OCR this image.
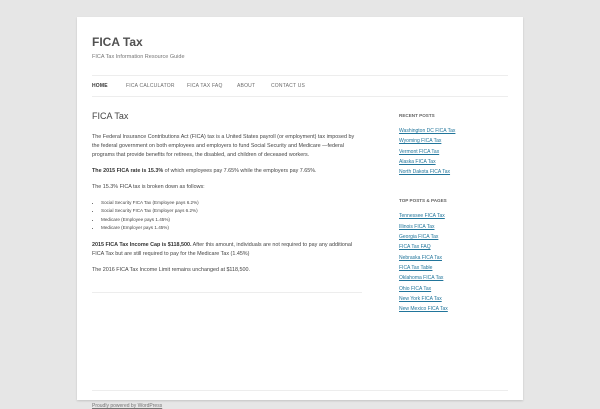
FICA Tax

FICA Tax Information Resource Guide

HOME	FICA CALCULATOR FICA TAX FAQ	ABOUT	CONTACT US
FICA Tax

The Federal Insurance Contributions Act (FICA) tax is a United States payroll (or employment) tax imposed by the federal government on both employees and employers to fund Social Security and Medicare —federal programs that provide benefits for retirees, the disabled, and children of deceased workers.

The 2015 FICA rate is 15.3% of which employees pay 7.65% while the employers pay 7.65%.

The 15.3% FICA tax is broken down as follows:

• Social Security FICA Tax (Employee pays 6.2%)
• Social Security FICA Tax (Employer pays 6.2%)
• Medicare (Employee pays 1.45%)
• Medicare (Employer pays 1.45%)

2015 FICA Tax Income Cap is $118,500. After this amount, individuals are not required to pay any additional FICA Tax but are still required to pay for the Medicare Tax (1.45%)

The 2016 FICA Tax Income Limit remains unchanged at $118,500.

RECENT POSTS
Washington DC FICA Tax
Wyoming FICA Tax
Vermont FICA Tax
Alaska FICA Tax
North Dakota FICA Tax
TOP POSTS & PAGES
Tennessee FICA Tax
Illinois FICA Tax
Georgia FICA Tax
FICA Tax FAQ
Nebraska FICA Tax
FICA Tax Table
Oklahoma FICA Tax
Ohio FICA Tax
New York FICA Tax
New Mexico FICA Tax
Proudly powered by WordPress
